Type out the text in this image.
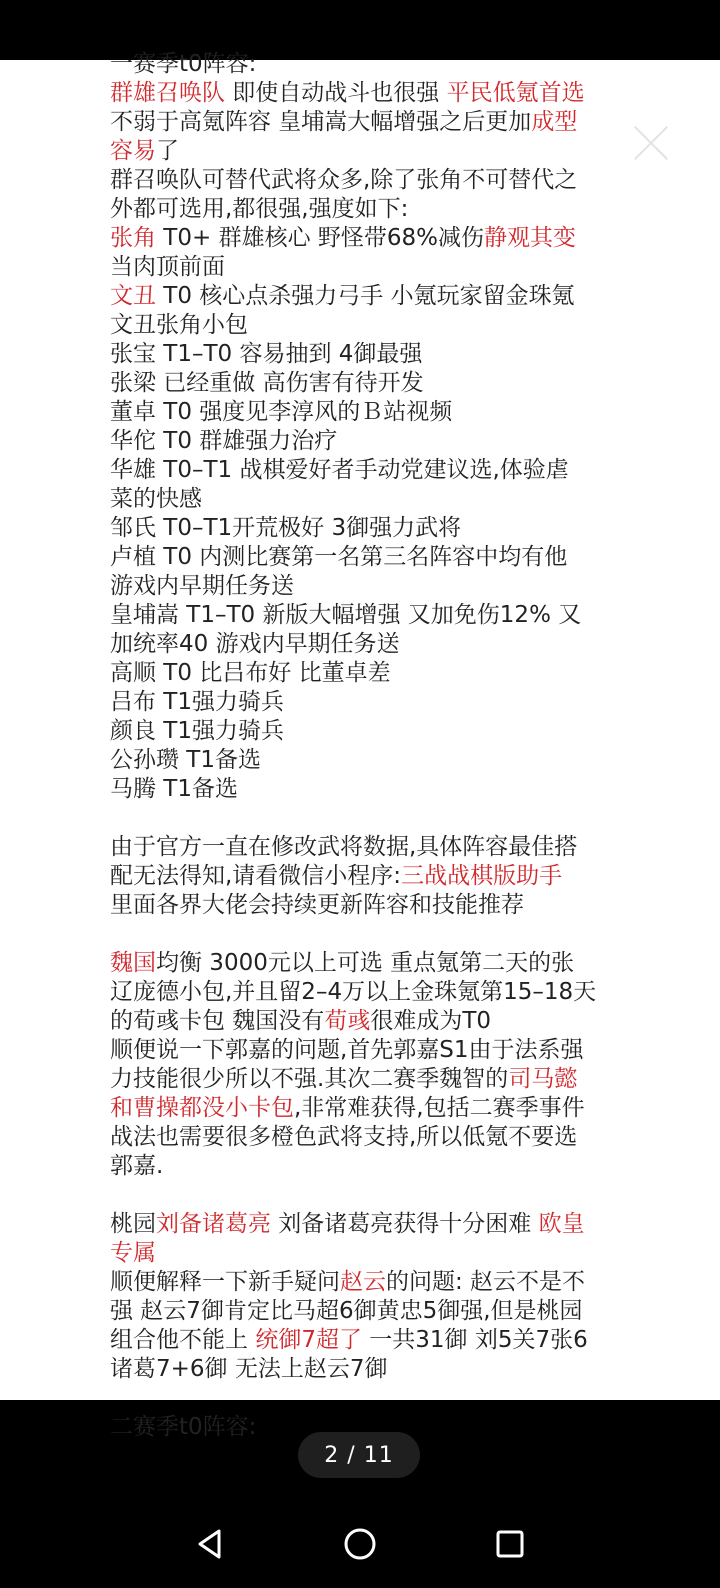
一赛季t0阵容:

群雄召唤队 即使自动战斗也很强 平民低氪首选

不弱于高氪阵容 皇埔嵩大幅增强之后更加成型

容易了

群召唤队可替代武将众多,除了张角不可替代之

外都可选用,都很强,强度如下:

张角 T0+ 群雄核心 野怪带68%减伤静观其变

当肉顶前面

文丑 T0 核心点杀强力弓手 小氪玩家留金珠氪

文丑张角小包

张宝 T1–T0 容易抽到 4御最强

张梁 已经重做 高伤害有待开发

董卓 T0 强度见李淳风的Ｂ站视频

华佗 T0 群雄强力治疗

华雄 T0–T1 战棋爱好者手动党建议选,体验虐

菜的快感

邹氏 T0–T1开荒极好 3御强力武将

卢植 T0 内测比赛第一名第三名阵容中均有他

游戏内早期任务送

皇埔嵩 T1–T0 新版大幅增强 又加免伤12% 又

加统率40 游戏内早期任务送

高顺 T0 比吕布好 比董卓差

吕布 T1强力骑兵

颜良 T1强力骑兵

公孙瓒 T1备选

马腾 T1备选

由于官方一直在修改武将数据,具体阵容最佳搭

配无法得知,请看微信小程序:三战战棋版助手

里面各界大佬会持续更新阵容和技能推荐

魏国均衡 3000元以上可选 重点氪第二天的张

辽庞德小包,并且留2–4万以上金珠氪第15–18天

的荀彧卡包 魏国没有荀彧很难成为T0

顺便说一下郭嘉的问题,首先郭嘉S1由于法系强

力技能很少所以不强.其次二赛季魏智的司马懿

和曹操都没小卡包,非常难获得,包括二赛季事件

战法也需要很多橙色武将支持,所以低氪不要选

郭嘉.

桃园刘备诸葛亮 刘备诸葛亮获得十分困难 欧皇

专属

顺便解释一下新手疑问赵云的问题: 赵云不是不

强 赵云7御肯定比马超6御黄忠5御强,但是桃园

组合他不能上 统御7超了 一共31御 刘5关7张6

诸葛7+6御 无法上赵云7御

二赛季t0阵容:

2 / 11
